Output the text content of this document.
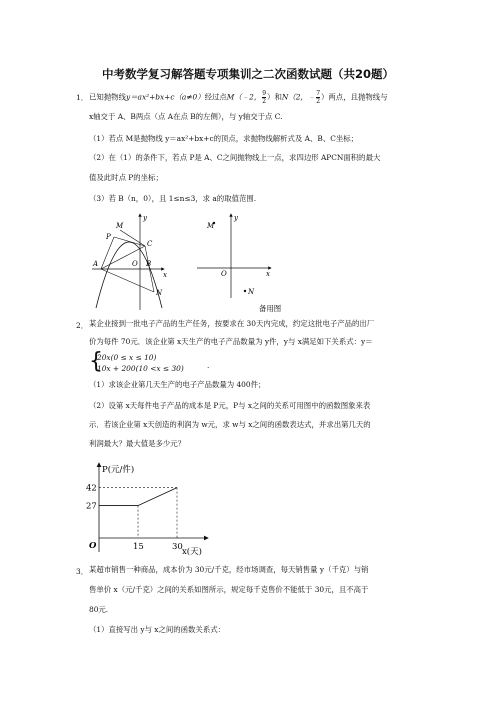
中考数学复习解答题专项集训之二次函数试题（共20题）
1． 已知抛物线y＝ax²+bx+c（a≠0）经过点M（﹣2， $\frac{9}{2}$ ）和N（2，﹣ $\frac{7}{2}$ ）两点，且抛物线与
x轴交于 A、B两点（点 A在点 B的左侧），与 y轴交于点 C.
（1）若点 M是抛物线 y＝ax²+bx+c的顶点，求抛物线解析式及 A、B、C坐标；
（2）在（1）的条件下，若点 P是 A、C之间抛物线上一点，求四边形 APCN面积的最大
值及此时点 P的坐标；
（3）若 B（n，0），且 1≤n≤3，求 a的取值范围.
y
M
P
C
A	O B
x
N
y
M
O	x
N
备用图
2． 某企业接到一批电子产品的生产任务，按要求在 30天内完成，约定这批电子产品的出厂
价为每件 70元．该企业第 x天生产的电子产品数量为 y件，y与 x满足如下关系式：y＝
{
20x(0 ≤ x ≤ 10)
10x + 200(10 <x ≤ 30)	.
（1）求该企业第几天生产的电子产品数量为 400件；
（2）设第 x天每件电子产品的成本是 P元，P与 x之间的关系可用图中的函数图象来表
示．若该企业第 x天创造的利润为 w元，求 w与 x之间的函数表达式，并求出第几天的
利润最大？最大值是多少元？
P(元/件)
x(天)
O
27
42
15	30
3． 某超市销售一种商品，成本价为 30元/千克，经市场调查，每天销售量 y（千克）与销
售单价 x（元/千克）之间的关系如图所示，规定每千克售价不能低于 30元，且不高于
80元.
（1）直接写出 y与 x之间的函数关系式：
